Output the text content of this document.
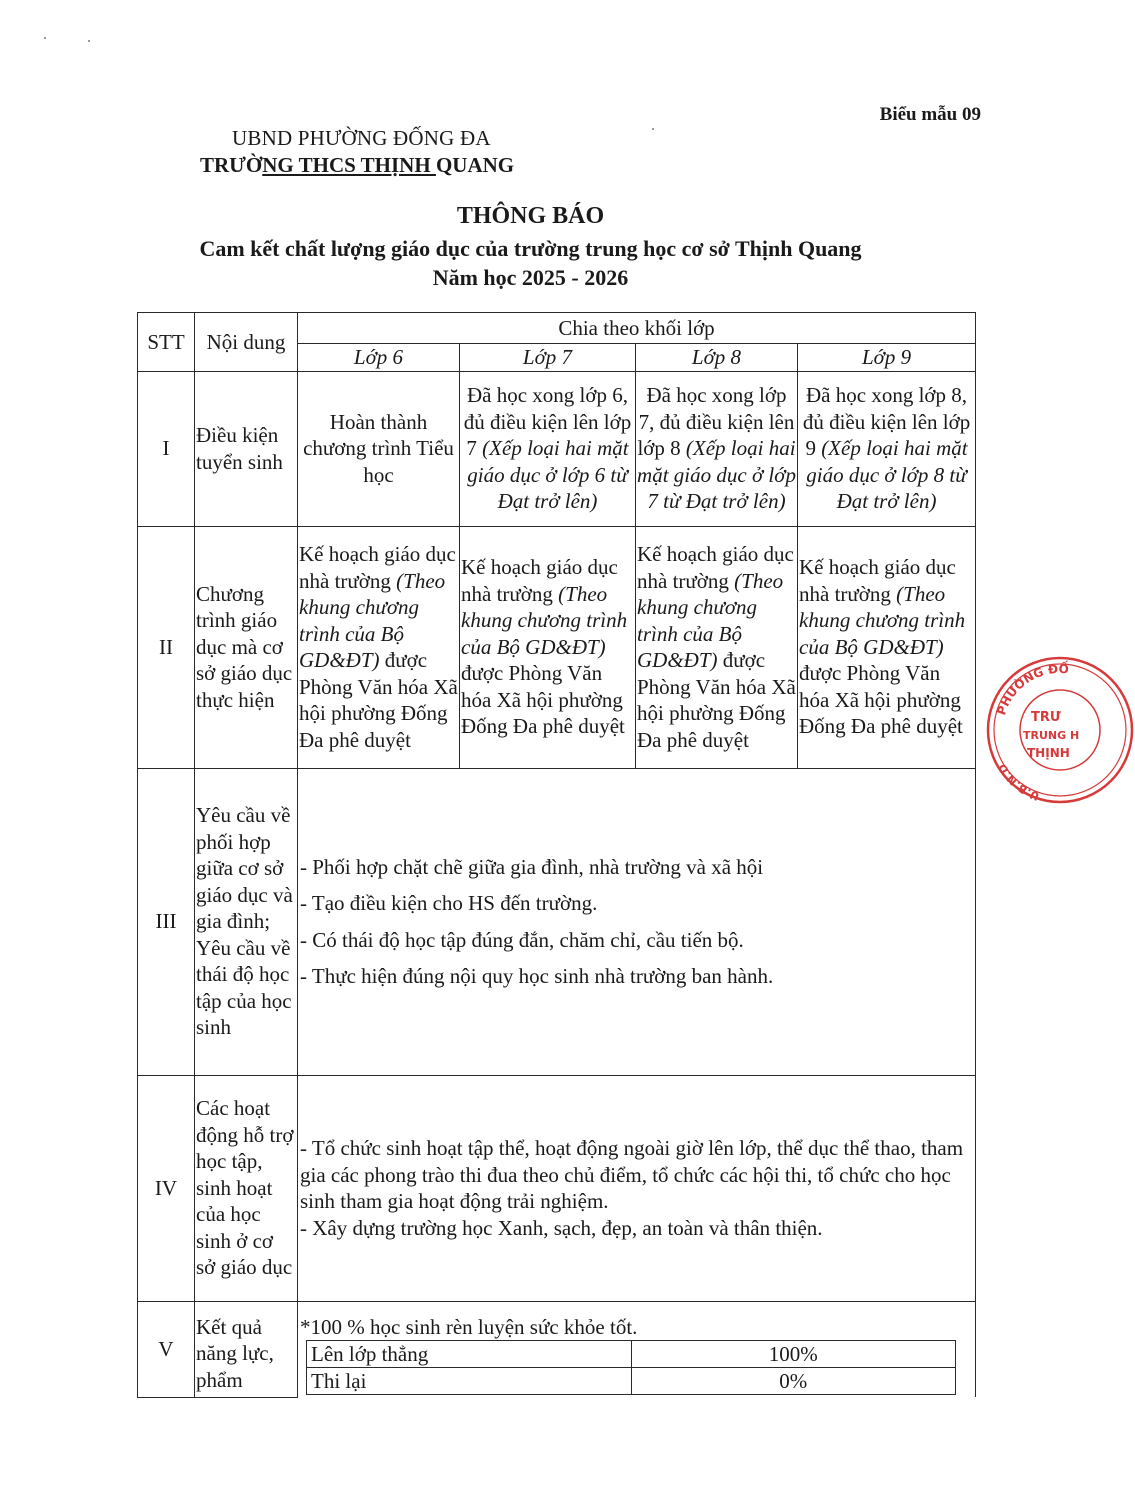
Biểu mẫu 09
UBND PHƯỜNG ĐỐNG ĐA
TRƯỜNG THCS THỊNH QUANG
THÔNG BÁO
Cam kết chất lượng giáo dục của trường trung học cơ sở Thịnh Quang
Năm học 2025 - 2026
STT	Nội dung	Chia theo khối lớp
Lớp 6	Lớp 7	Lớp 8	Lớp 9
I	Điều kiện tuyển sinh	Hoàn thành chương trình Tiểu học	Đã học xong lớp 6, đủ điều kiện lên lớp 7 (Xếp loại hai mặt giáo dục ở lớp 6 từ Đạt trở lên)	Đã học xong lớp 7, đủ điều kiện lên lớp 8 (Xếp loại hai mặt giáo dục ở lớp 7 từ Đạt trở lên)	Đã học xong lớp 8, đủ điều kiện lên lớp 9 (Xếp loại hai mặt giáo dục ở lớp 8 từ Đạt trở lên)
II	Chương trình giáo dục mà cơ sở giáo dục thực hiện	Kế hoạch giáo dục nhà trường (Theo khung chương trình của Bộ GD&ĐT) được Phòng Văn hóa Xã hội phường Đống Đa phê duyệt	Kế hoạch giáo dục nhà trường (Theo khung chương trình của Bộ GD&ĐT) được Phòng Văn hóa Xã hội phường Đống Đa phê duyệt	Kế hoạch giáo dục nhà trường (Theo khung chương trình của Bộ GD&ĐT) được Phòng Văn hóa Xã hội phường Đống Đa phê duyệt	Kế hoạch giáo dục nhà trường (Theo khung chương trình của Bộ GD&ĐT) được Phòng Văn hóa Xã hội phường Đống Đa phê duyệt
III	Yêu cầu về phối hợp giữa cơ sở giáo dục và gia đình; Yêu cầu về thái độ học tập của học sinh	
- Phối hợp chặt chẽ giữa gia đình, nhà trường và xã hội
- Tạo điều kiện cho HS đến trường.
- Có thái độ học tập đúng đắn, chăm chỉ, cầu tiến bộ.
- Thực hiện đúng nội quy học sinh nhà trường ban hành.

IV	Các hoạt động hỗ trợ học tập, sinh hoạt của học sinh ở cơ sở giáo dục	
- Tổ chức sinh hoạt tập thể, hoạt động ngoài giờ lên lớp, thể dục thể thao, tham gia các phong trào thi đua theo chủ điểm, tổ chức các hội thi, tổ chức cho học sinh tham gia hoạt động trải nghiệm.
- Xây dựng trường học Xanh, sạch, đẹp, an toàn và thân thiện.

V	Kết quả năng lực, phẩm	
*100 % học sinh rèn luyện sức khỏe tốt.
Lên lớp thẳng	100%
Thi lại	0%
PHƯỜNG ĐỐ
U.B.N.D
TRƯ
TRUNG H
THỊNH
